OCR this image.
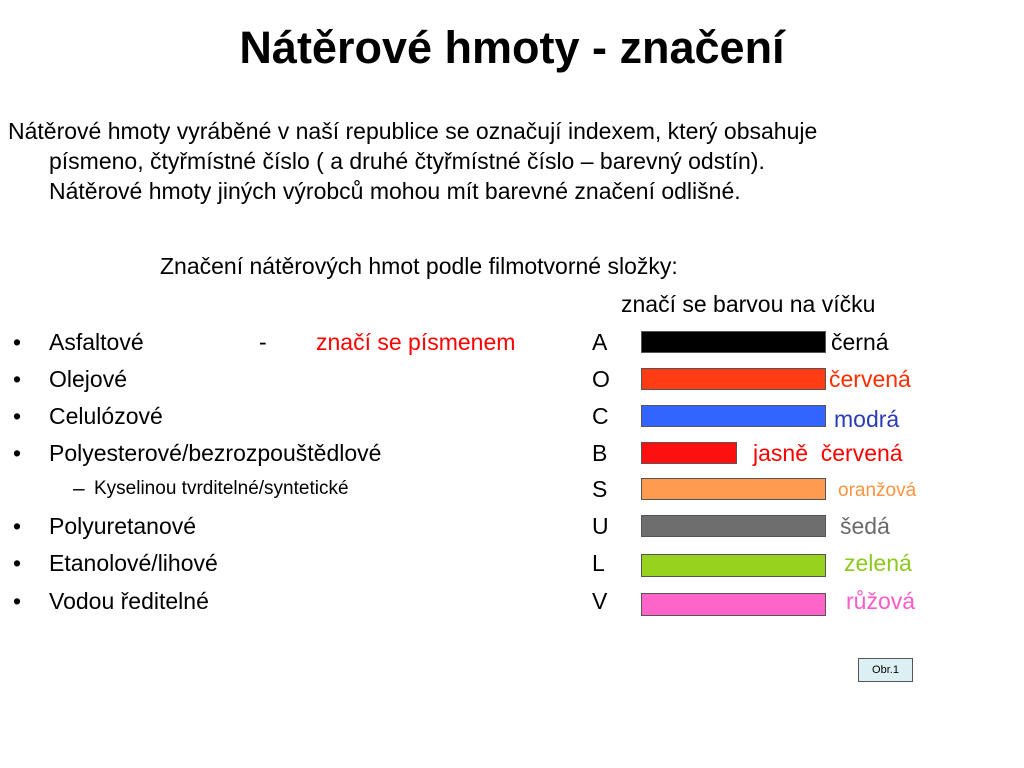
Nátěrové hmoty - značení
Nátěrové hmoty vyráběné v naší republice se označují indexem, který obsahuje
písmeno, čtyřmístné číslo ( a druhé čtyřmístné číslo – barevný odstín).
Nátěrové hmoty jiných výrobců mohou mít barevné značení odlišné.
Značení nátěrových hmot podle filmotvorné složky:
značí se barvou na víčku
• Asfaltové	- značí se písmenem	A	černá
• Olejové	O	červená
• Celulózové	C	modrá
• Polyesterové/bezrozpouštědlové	B	jasně  červená
– Kyselinou tvrditelné/syntetické	S	oranžová
• Polyuretanové	U	šedá
• Etanolové/lihové	L	zelená
• Vodou ředitelné	V	růžová
Obr.1
